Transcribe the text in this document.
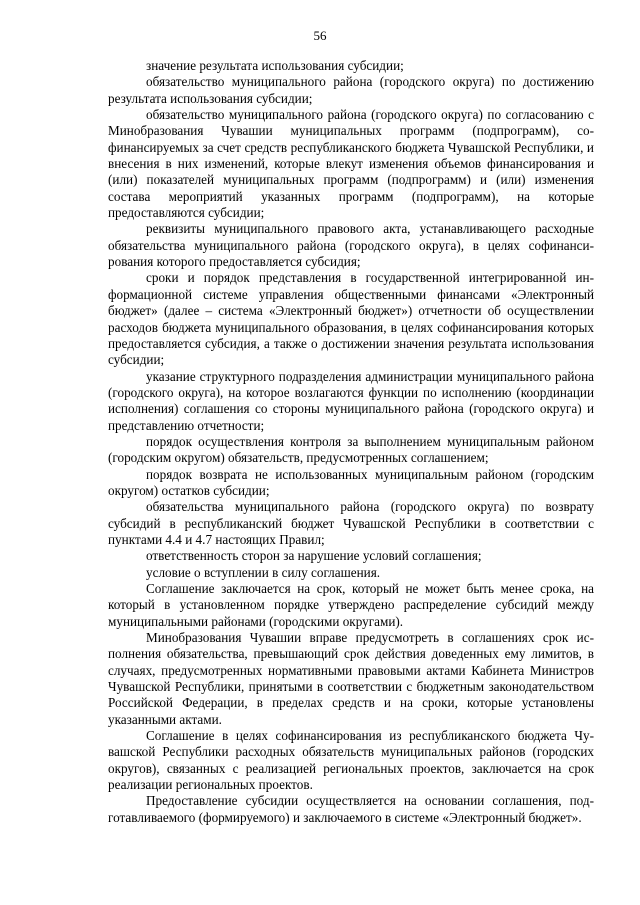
56

значение результата использования субсидии;

обязательство муниципального района (городского округа) по достижению результата использования субсидии;

обязательство муниципального района (городского округа) по согласованию с Минобразования Чувашии муниципальных программ (подпрограмм), софинансируемых за счет средств республиканского бюджета Чувашской Республики, и внесения в них изменений, которые влекут изменения объемов финансирования и (или) показателей муниципальных программ (подпрограмм) и (или) изменения состава мероприятий указанных программ (подпрограмм), на которые предоставляются субсидии;

реквизиты муниципального правового акта, устанавливающего расходные обязательства муниципального района (городского округа), в целях софинансирования которого предоставляется субсидия;

сроки и порядок представления в государственной интегрированной информационной системе управления общественными финансами «Электронный бюджет» (далее – система «Электронный бюджет») отчетности об осуществлении расходов бюджета муниципального образования, в целях софинансирования которых предоставляется субсидия, а также о достижении значения результата использования субсидии;

указание структурного подразделения администрации муниципального района (городского округа), на которое возлагаются функции по исполнению (координации исполнения) соглашения со стороны муниципального района (городского округа) и представлению отчетности;

порядок осуществления контроля за выполнением муниципальным районом (городским округом) обязательств, предусмотренных соглашением;

порядок возврата не использованных муниципальным районом (городским округом) остатков субсидии;

обязательства муниципального района (городского округа) по возврату субсидий в республиканский бюджет Чувашской Республики в соответствии с пунктами 4.4 и 4.7 настоящих Правил;

ответственность сторон за нарушение условий соглашения;

условие о вступлении в силу соглашения.

Соглашение заключается на срок, который не может быть менее срока, на который в установленном порядке утверждено распределение субсидий между муниципальными районами (городскими округами).

Минобразования Чувашии вправе предусмотреть в соглашениях срок исполнения обязательства, превышающий срок действия доведенных ему лимитов, в случаях, предусмотренных нормативными правовыми актами Кабинета Министров Чувашской Республики, принятыми в соответствии с бюджетным законодательством Российской Федерации, в пределах средств и на сроки, которые установлены указанными актами.

Соглашение в целях софинансирования из республиканского бюджета Чувашской Республики расходных обязательств муниципальных районов (городских округов), связанных с реализацией региональных проектов, заключается на срок реализации региональных проектов.

Предоставление субсидии осуществляется на основании соглашения, подготавливаемого (формируемого) и заключаемого в системе «Электронный бюджет».
